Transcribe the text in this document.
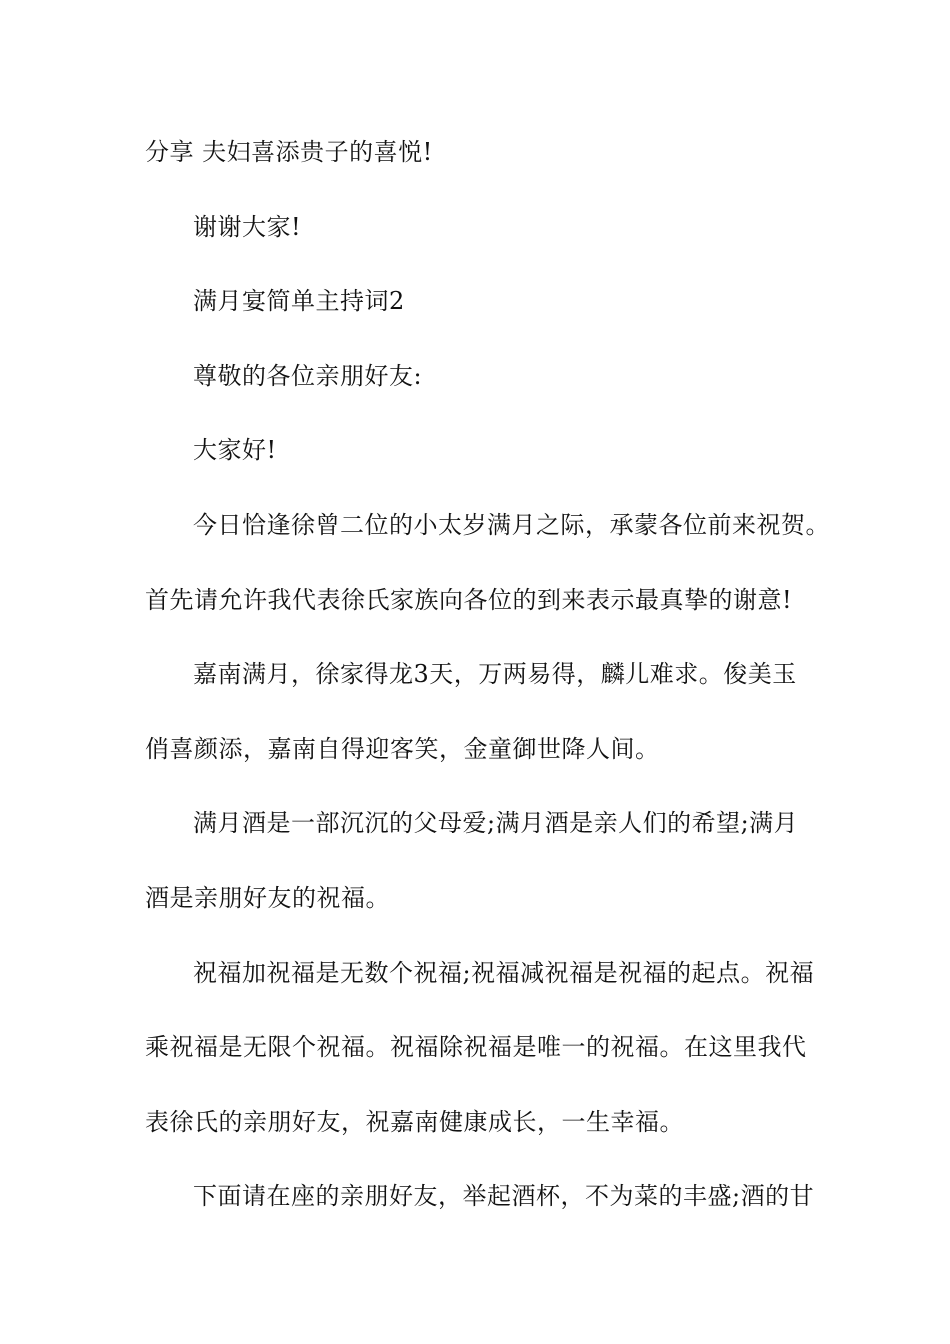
分享 夫妇喜添贵子的喜悦!
谢谢大家!
满月宴简单主持词2
尊敬的各位亲朋好友:
大家好!
今日恰逢徐曾二位的小太岁满月之际，承蒙各位前来祝贺。
首先请允许我代表徐氏家族向各位的到来表示最真挚的谢意!
嘉南满月，徐家得龙3天，万两易得，麟儿难求。俊美玉
俏喜颜添，嘉南自得迎客笑，金童御世降人间。
满月酒是一部沉沉的父母爱;满月酒是亲人们的希望;满月
酒是亲朋好友的祝福。
祝福加祝福是无数个祝福;祝福减祝福是祝福的起点。祝福
乘祝福是无限个祝福。祝福除祝福是唯一的祝福。在这里我代
表徐氏的亲朋好友，祝嘉南健康成长，一生幸福。
下面请在座的亲朋好友，举起酒杯，不为菜的丰盛;酒的甘
